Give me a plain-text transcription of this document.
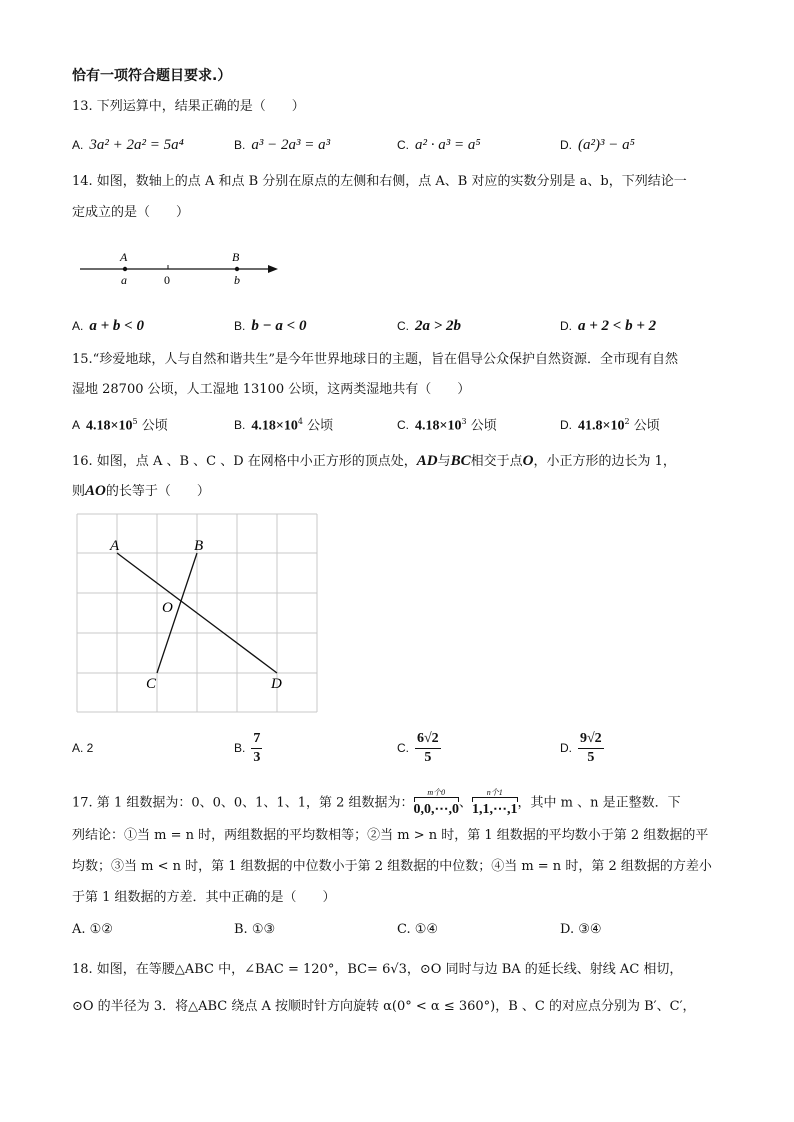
恰有一项符合题目要求.）
13. 下列运算中，结果正确的是（　　）
A. 3a² + 2a² = 5a⁴	B. a³ − 2a³ = a³	C. a² · a³ = a⁵	D. (a²)³ − a⁵
14. 如图，数轴上的点 A 和点 B 分别在原点的左侧和右侧，点 A、B 对应的实数分别是 a、b，下列结论一
定成立的是（　　）
A
a	0
B
b
A. a + b < 0	B. b − a < 0	C. 2a > 2b	D. a + 2 < b + 2
15.“珍爱地球，人与自然和谐共生”是今年世界地球日的主题，旨在倡导公众保护自然资源．全市现有自然
湿地 28700 公顷，人工湿地 13100 公顷，这两类湿地共有（　　）
A $4.18\times 10^5$ 公顷	B. $4.18\times 10^4$ 公顷	C. $4.18\times 10^3$ 公顷	D. $41.8\times 10^2$ 公顷
16. 如图，点 A 、B 、C 、D 在网格中小正方形的顶点处，AD与BC相交于点O，小正方形的边长为 1，
则AO的长等于（　　）
A	B
O
C	D
A. 2	B. $\frac{7}{3}$	C. $\frac{6√2}{5}$	D. $\frac{9√2}{5}$
17. 第 1 组数据为：0、0、0、1、1、1，第 2 组数据为：
m个0
0,0,⋯,0 、
n个1
1,1,⋯,1 ，其中 m 、n 是正整数．下
列结论：①当 m = n 时，两组数据的平均数相等；②当 m > n 时，第 1 组数据的平均数小于第 2 组数据的平
均数；③当 m < n 时，第 1 组数据的中位数小于第 2 组数据的中位数；④当 m = n 时，第 2 组数据的方差小
于第 1 组数据的方差．其中正确的是（　　）
A. ①②	B. ①③	C. ①④	D. ③④
18. 如图，在等腰△ABC 中，∠BAC = 120°，BC= 6√3，⊙O 同时与边 BA 的延长线、射线 AC 相切，
⊙O 的半径为 3．将△ABC 绕点 A 按顺时针方向旋转 α(0° < α ≤ 360°)，B 、C 的对应点分别为 B′、C′，
